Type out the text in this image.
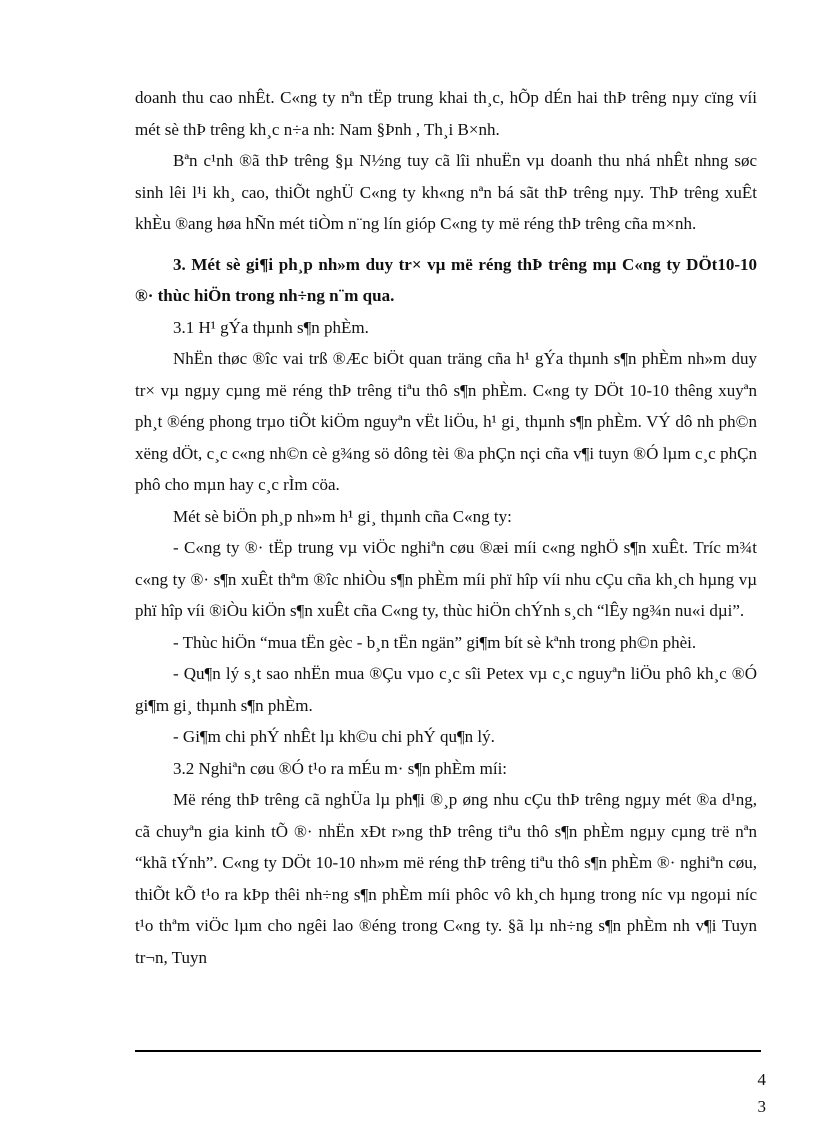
doanh thu cao nhÊt. C«ng ty nªn tËp trung khai th¸c, hÕp dÉn hai thÞ trêng nµy cïng víi mét sè thÞ trêng kh¸c n÷a nh: Nam §Þnh , Th¸i B×nh.

Bªn c¹nh ®ã thÞ trêng §µ N½ng tuy cã lîi nhuËn vµ doanh thu nhá nhÊt nhng søc sinh lêi l¹i kh¸ cao, thiÕt nghÜ C«ng ty kh«ng nªn bá sãt thÞ trêng nµy. ThÞ trêng xuÊt khÈu ®ang høa hÑn mét tiÒm n¨ng lín gióp C«ng ty më réng thÞ trêng cña m×nh.

3. Mét sè gi¶i ph¸p nh»m duy tr× vµ më réng thÞ trêng mµ C«ng ty DÖt10-10 ®· thùc hiÖn trong nh÷ng n¨m qua.

3.1 H¹ gÝa thµnh s¶n phÈm.

NhËn thøc ®îc vai trß ®Æc biÖt quan träng cña h¹ gÝa thµnh s¶n phÈm nh»m duy tr× vµ ngµy cµng më réng thÞ trêng tiªu thô s¶n phÈm. C«ng ty DÖt 10-10 thêng xuyªn ph¸t ®éng phong trµo tiÕt kiÖm nguyªn vËt liÖu, h¹ gi¸ thµnh s¶n phÈm. VÝ dô nh ph©n xëng dÖt, c¸c c«ng nh©n cè g¾ng sö dông tèi ®a phÇn nçi cña v¶i tuyn ®Ó lµm c¸c phÇn phô cho mµn hay c¸c rÌm cöa.

Mét sè biÖn ph¸p nh»m h¹ gi¸ thµnh cña C«ng ty:

- C«ng ty ®· tËp trung vµ viÖc nghiªn cøu ®æi míi c«ng nghÖ s¶n xuÊt. Tríc m¾t c«ng ty ®· s¶n xuÊt thªm ®îc nhiÒu s¶n phÈm míi phï hîp víi nhu cÇu cña kh¸ch hµng vµ phï hîp víi ®iÒu kiÖn s¶n xuÊt cña C«ng ty, thùc hiÖn chÝnh s¸ch “lÊy ng¾n nu«i dµi”.

- Thùc hiÖn “mua tËn gèc - b¸n tËn ngän” gi¶m bít sè kªnh trong ph©n phèi.

- Qu¶n lý s¸t sao nhËn mua ®Çu vµo c¸c sîi Petex vµ c¸c nguyªn liÖu phô kh¸c ®Ó gi¶m gi¸ thµnh s¶n phÈm.

- Gi¶m chi phÝ nhÊt lµ kh©u chi phÝ qu¶n lý.

3.2 Nghiªn cøu ®Ó t¹o ra mÉu m· s¶n phÈm míi:

Më réng thÞ trêng cã nghÜa lµ ph¶i ®¸p øng nhu cÇu thÞ trêng ngµy mét ®a d¹ng, cã chuyªn gia kinh tÕ ®· nhËn xÐt r»ng thÞ trêng tiªu thô s¶n phÈm ngµy cµng trë nªn “khã tÝnh”. C«ng ty DÖt 10-10 nh»m më réng thÞ trêng tiªu thô s¶n phÈm ®· nghiªn cøu, thiÕt kÕ t¹o ra kÞp thêi nh÷ng s¶n phÈm míi phôc vô kh¸ch hµng trong níc vµ ngoµi níc t¹o thªm viÖc lµm cho ngêi lao ®éng trong C«ng ty. §ã lµ nh÷ng s¶n phÈm nh v¶i Tuyn tr¬n, Tuyn

4
3
